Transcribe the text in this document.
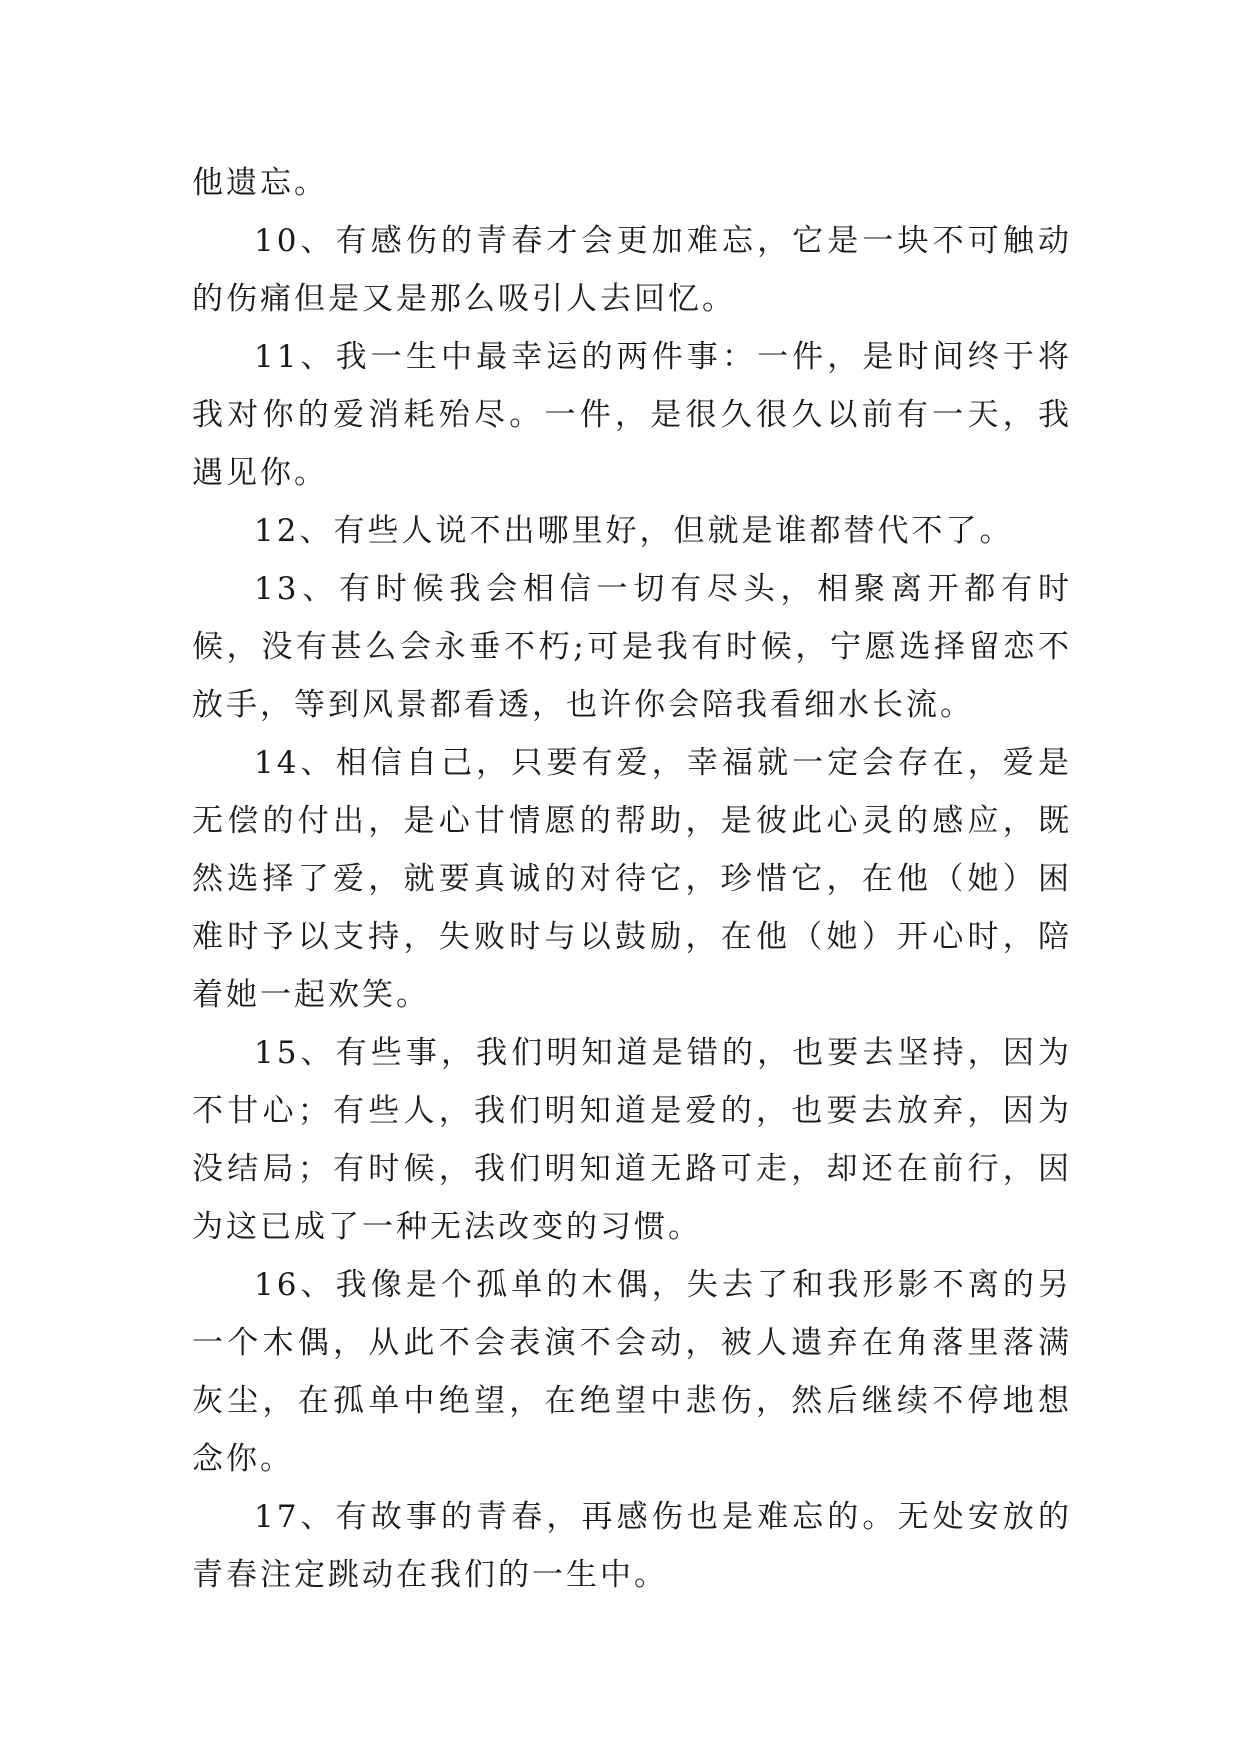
他遗忘。

10、有感伤的青春才会更加难忘，它是一块不可触动的伤痛但是又是那么吸引人去回忆。

11、我一生中最幸运的两件事：一件，是时间终于将我对你的爱消耗殆尽。一件，是很久很久以前有一天，我遇见你。

12、有些人说不出哪里好，但就是谁都替代不了。

13、有时候我会相信一切有尽头，相聚离开都有时候，没有甚么会永垂不朽;可是我有时候，宁愿选择留恋不放手，等到风景都看透，也许你会陪我看细水长流。

14、相信自己，只要有爱，幸福就一定会存在，爱是无偿的付出，是心甘情愿的帮助，是彼此心灵的感应，既然选择了爱，就要真诚的对待它，珍惜它，在他（她）困难时予以支持，失败时与以鼓励，在他（她）开心时，陪着她一起欢笑。

15、有些事，我们明知道是错的，也要去坚持，因为不甘心；有些人，我们明知道是爱的，也要去放弃，因为没结局；有时候，我们明知道无路可走，却还在前行，因为这已成了一种无法改变的习惯。

16、我像是个孤单的木偶，失去了和我形影不离的另一个木偶，从此不会表演不会动，被人遗弃在角落里落满灰尘，在孤单中绝望，在绝望中悲伤，然后继续不停地想念你。

17、有故事的青春，再感伤也是难忘的。无处安放的青春注定跳动在我们的一生中。
